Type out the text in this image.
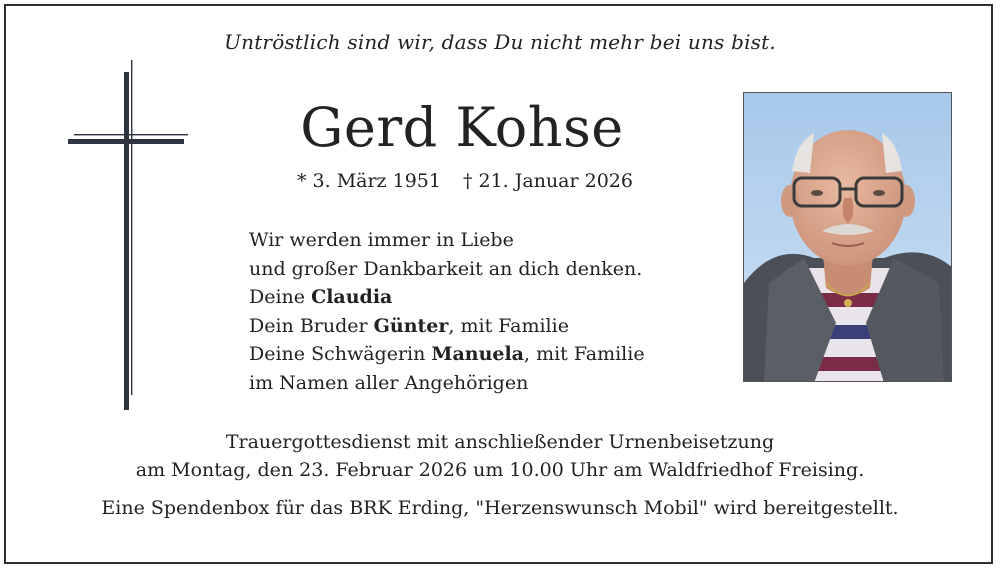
Untröstlich sind wir, dass Du nicht mehr bei uns bist.
Gerd Kohse
* 3. März 1951 † 21. Januar 2026
Wir werden immer in Liebe
und großer Dankbarkeit an dich denken.
Deine Claudia
Dein Bruder Günter, mit Familie
Deine Schwägerin Manuela, mit Familie
im Namen aller Angehörigen
Trauergottesdienst mit anschließender Urnenbeisetzung
am Montag, den 23. Februar 2026 um 10.00 Uhr am Waldfriedhof Freising.
Eine Spendenbox für das BRK Erding, "Herzenswunsch Mobil" wird bereitgestellt.
